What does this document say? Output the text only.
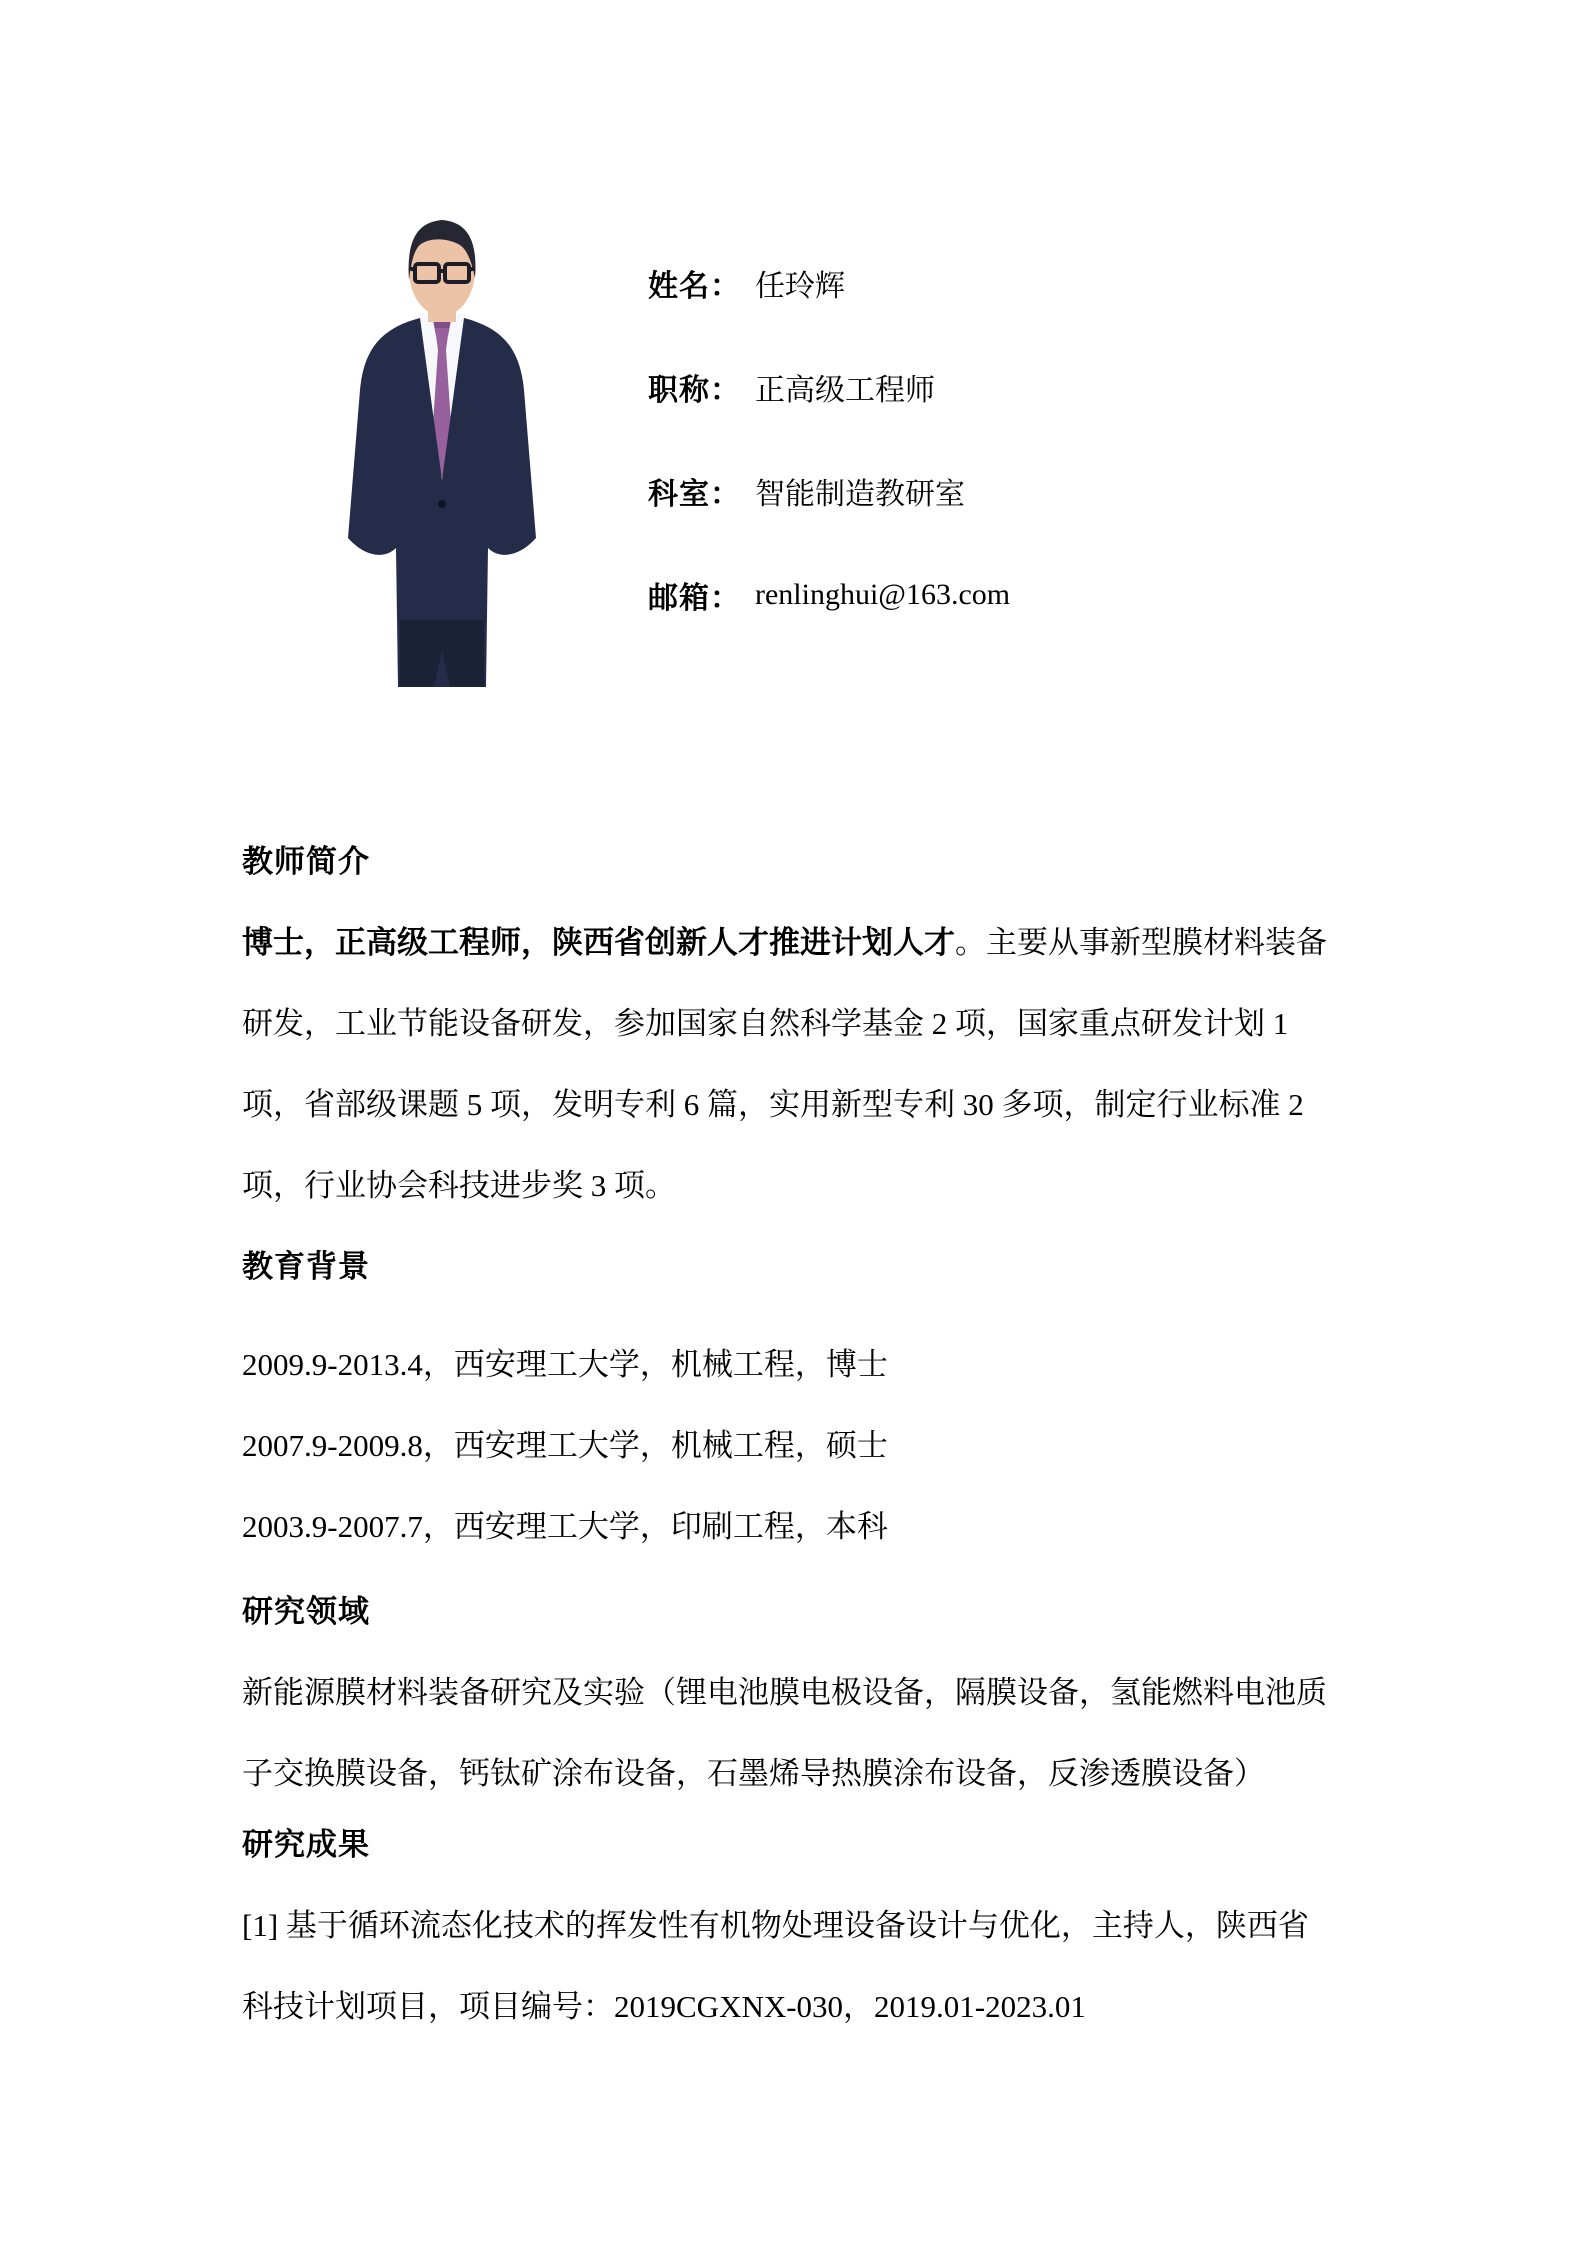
姓名： 任玲辉
职称： 正高级工程师
科室： 智能制造教研室
邮箱： renlinghui@163.com
教师简介
博士，正高级工程师，陕西省创新人才推进计划人才 。主要从事新型膜材料装备
研发，工业节能设备研发，参加国家自然科学基金 2 项，国家重点研发计划 1
项，省部级课题 5 项，发明专利 6 篇，实用新型专利 30 多项，制定行业标准 2
项，行业协会科技进步奖 3 项。
教育背景
2009.9-2013.4，西安理工大学，机械工程，博士
2007.9-2009.8，西安理工大学，机械工程，硕士
2003.9-2007.7，西安理工大学，印刷工程，本科
研究领域
新能源膜材料装备研究及实验（锂电池膜电极设备，隔膜设备，氢能燃料电池质
子交换膜设备，钙钛矿涂布设备，石墨烯导热膜涂布设备，反渗透膜设备）
研究成果
[1] 基于循环流态化技术的挥发性有机物处理设备设计与优化，主持人，陕西省
科技计划项目，项目编号：2019CGXNX-030，2019.01-2023.01
